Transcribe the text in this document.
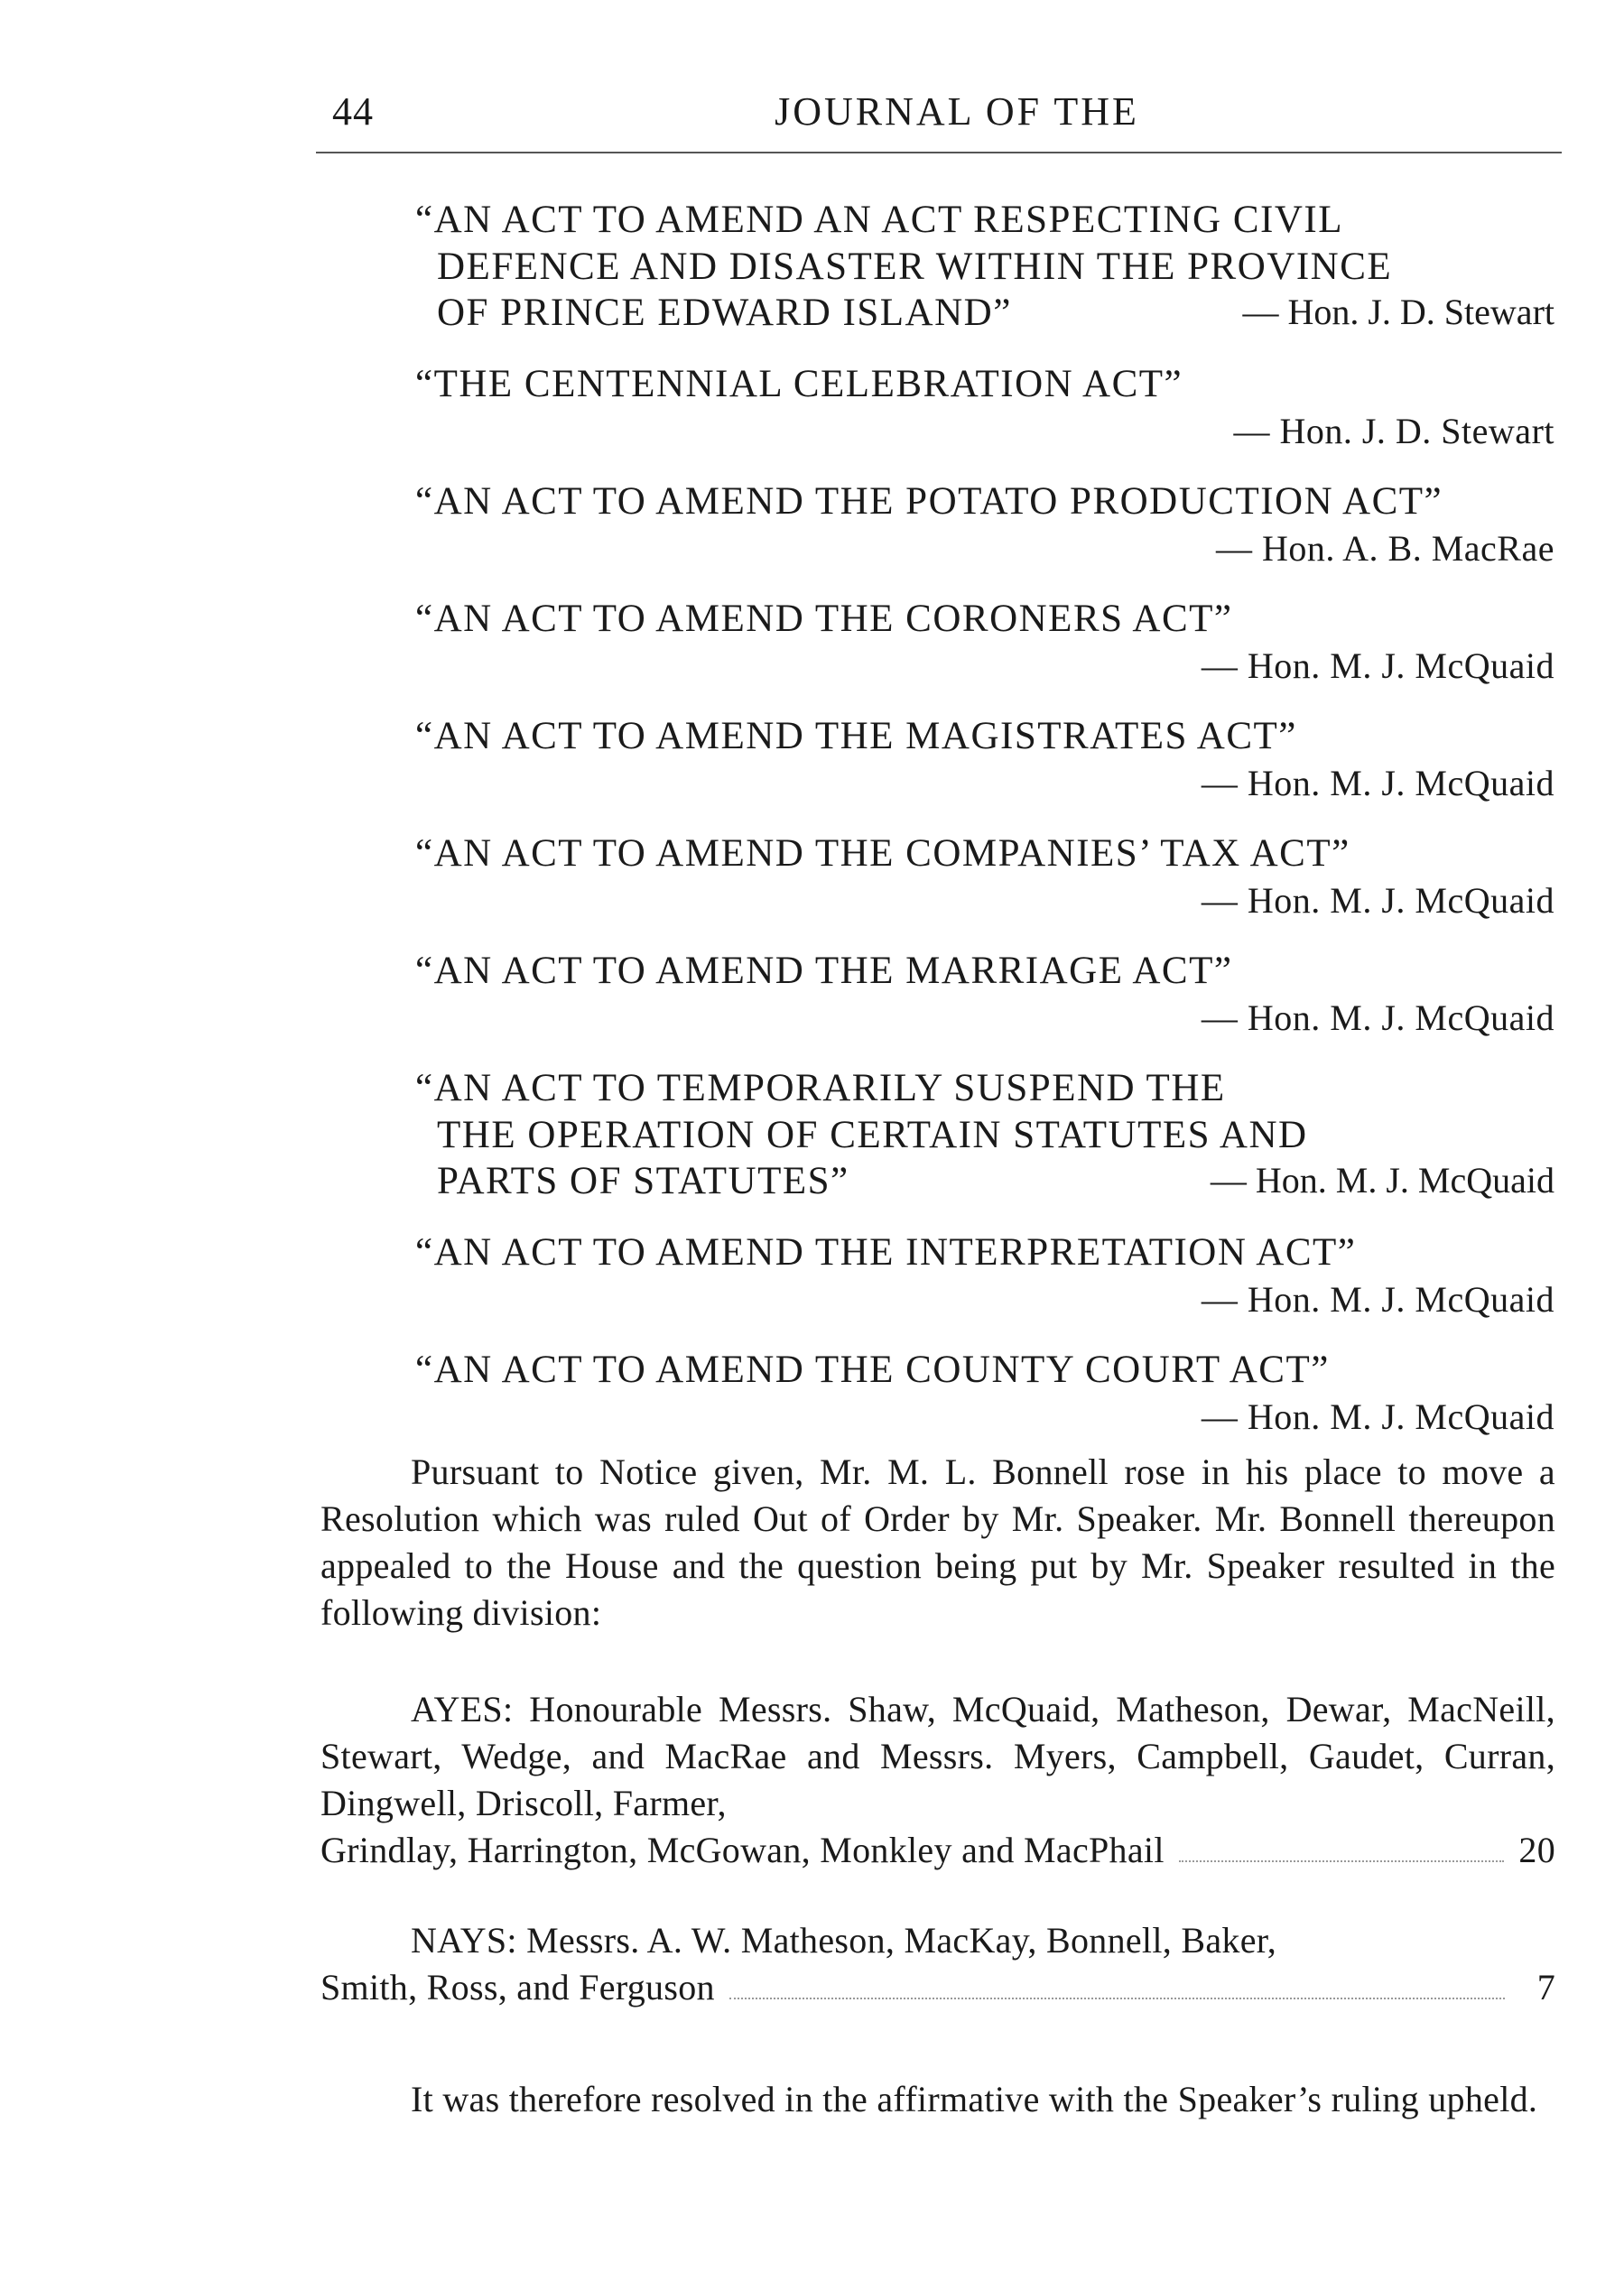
44	JOURNAL OF THE
“AN ACT TO AMEND AN ACT RESPECTING CIVIL
DEFENCE AND DISASTER WITHIN THE PROVINCE
OF PRINCE EDWARD ISLAND”	— Hon. J. D. Stewart
“THE CENTENNIAL CELEBRATION ACT”
— Hon. J. D. Stewart
“AN ACT TO AMEND THE POTATO PRODUCTION ACT”
— Hon. A. B. MacRae
“AN ACT TO AMEND THE CORONERS ACT”
— Hon. M. J. McQuaid
“AN ACT TO AMEND THE MAGISTRATES ACT”
— Hon. M. J. McQuaid
“AN ACT TO AMEND THE COMPANIES’ TAX ACT”
— Hon. M. J. McQuaid
“AN ACT TO AMEND THE MARRIAGE ACT”
— Hon. M. J. McQuaid
“AN ACT TO TEMPORARILY SUSPEND THE
THE OPERATION OF CERTAIN STATUTES AND
PARTS OF STATUTES”	— Hon. M. J. McQuaid
“AN ACT TO AMEND THE INTERPRETATION ACT”
— Hon. M. J. McQuaid
“AN ACT TO AMEND THE COUNTY COURT ACT”
— Hon. M. J. McQuaid

Pursuant to Notice given, Mr. M. L. Bonnell rose in his place to move a Resolution which was ruled Out of Order by Mr. Speaker. Mr. Bonnell thereupon appealed to the House and the question being put by Mr. Speaker resulted in the following division:

AYES: Honourable Messrs. Shaw, McQuaid, Matheson, Dewar, MacNeill, Stewart, Wedge, and MacRae and Messrs. Myers, Campbell, Gaudet, Curran, Dingwell, Driscoll, Farmer,

Grindlay, Harrington, McGowan, Monkley and MacPhail	20

NAYS: Messrs. A. W. Matheson, MacKay, Bonnell, Baker,

Smith, Ross, and Ferguson	7

It was therefore resolved in the affirmative with the Speaker’s ruling upheld.
